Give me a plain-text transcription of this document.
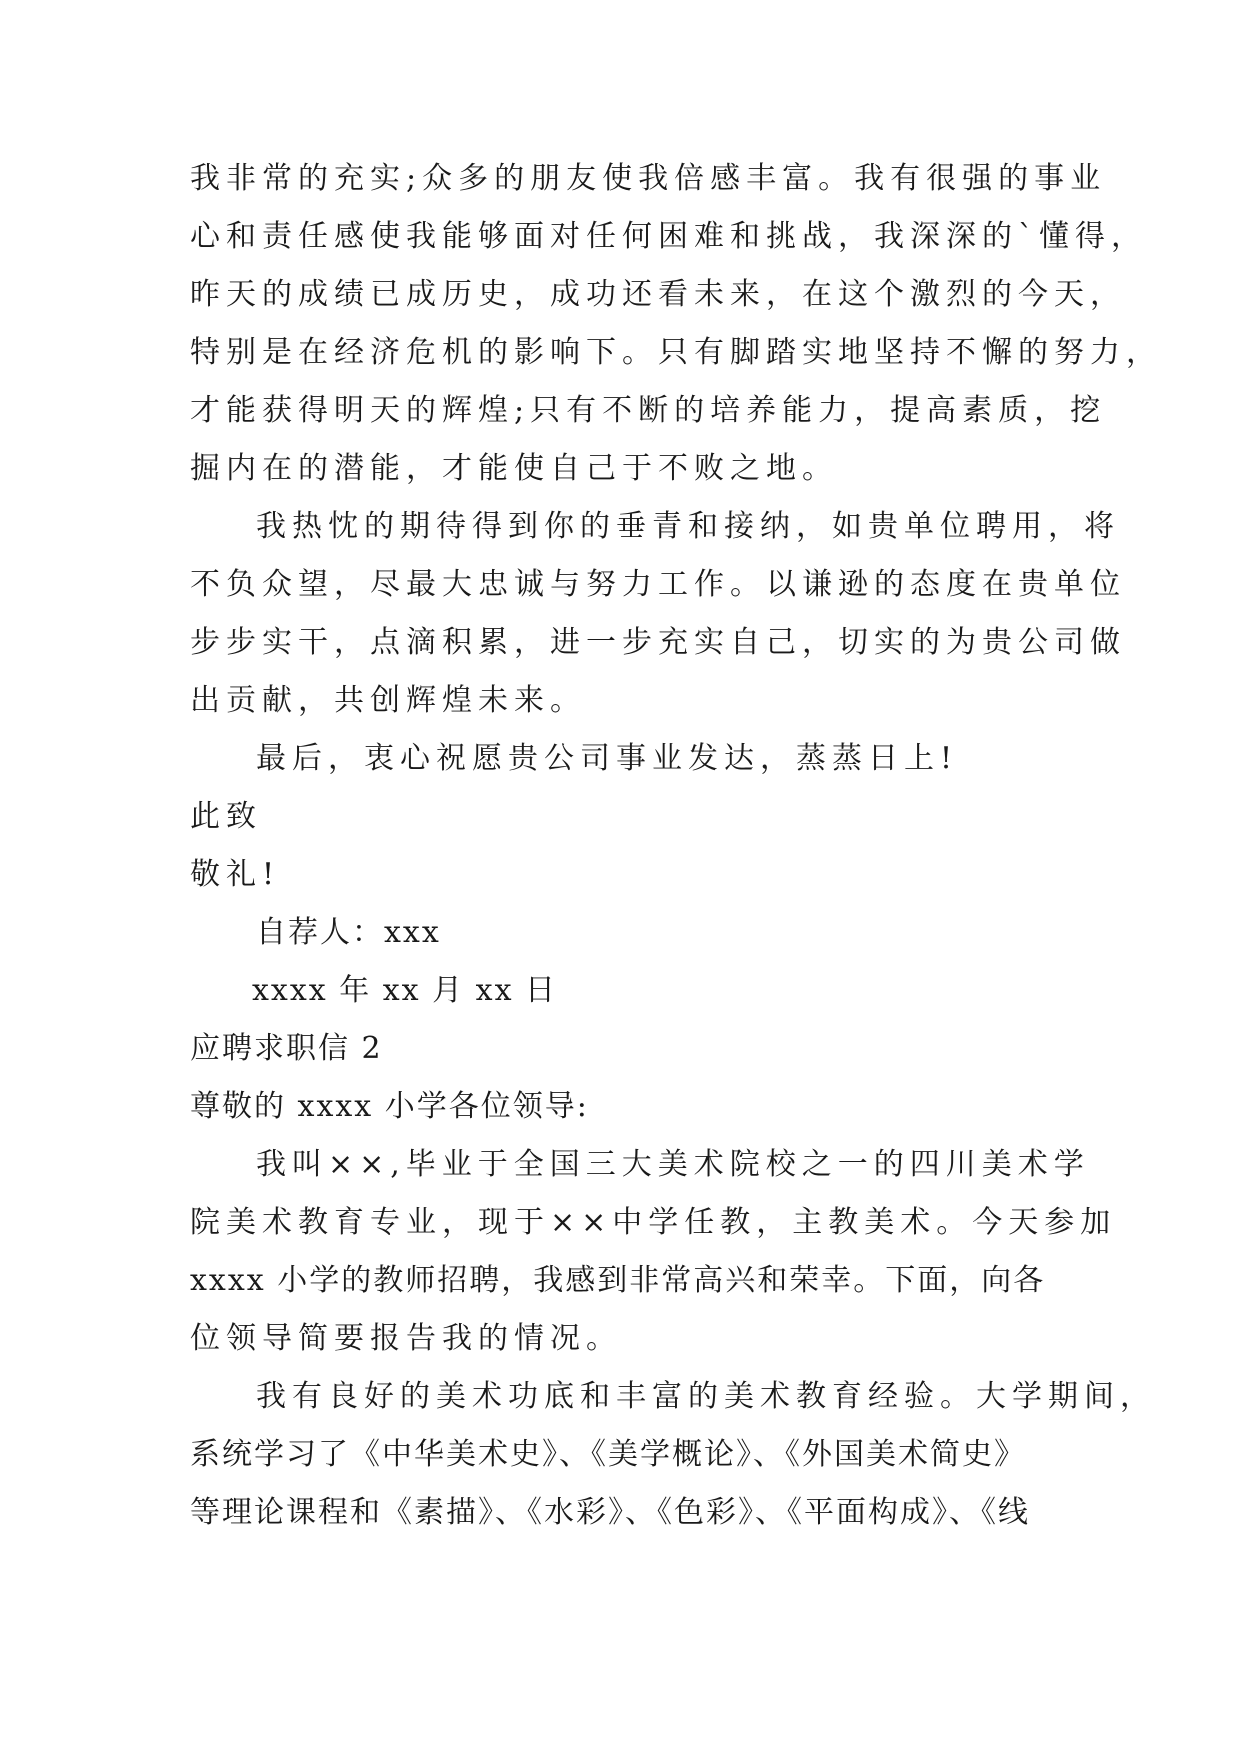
我非常的充实;众多的朋友使我倍感丰富。我有很强的事业
心和责任感使我能够面对任何困难和挑战，我深深的`懂得，
昨天的成绩已成历史，成功还看未来，在这个激烈的今天，
特别是在经济危机的影响下。只有脚踏实地坚持不懈的努力，
才能获得明天的辉煌;只有不断的培养能力，提高素质，挖
掘内在的潜能，才能使自己于不败之地。
我热忱的期待得到你的垂青和接纳，如贵单位聘用，将
不负众望，尽最大忠诚与努力工作。以谦逊的态度在贵单位
步步实干，点滴积累，进一步充实自己，切实的为贵公司做
出贡献，共创辉煌未来。
最后，衷心祝愿贵公司事业发达，蒸蒸日上!
此致
敬礼!
自荐人：xxx
xxxx 年 xx 月 xx 日
应聘求职信 2
尊敬的 xxxx 小学各位领导:
我叫××,毕业于全国三大美术院校之一的四川美术学
院美术教育专业，现于××中学任教，主教美术。今天参加
xxxx 小学的教师招聘，我感到非常高兴和荣幸。下面，向各
位领导简要报告我的情况。
我有良好的美术功底和丰富的美术教育经验。大学期间，
系统学习了《中华美术史》、《美学概论》、《外国美术简史》
等理论课程和《素描》、《水彩》、《色彩》、《平面构成》、《线
